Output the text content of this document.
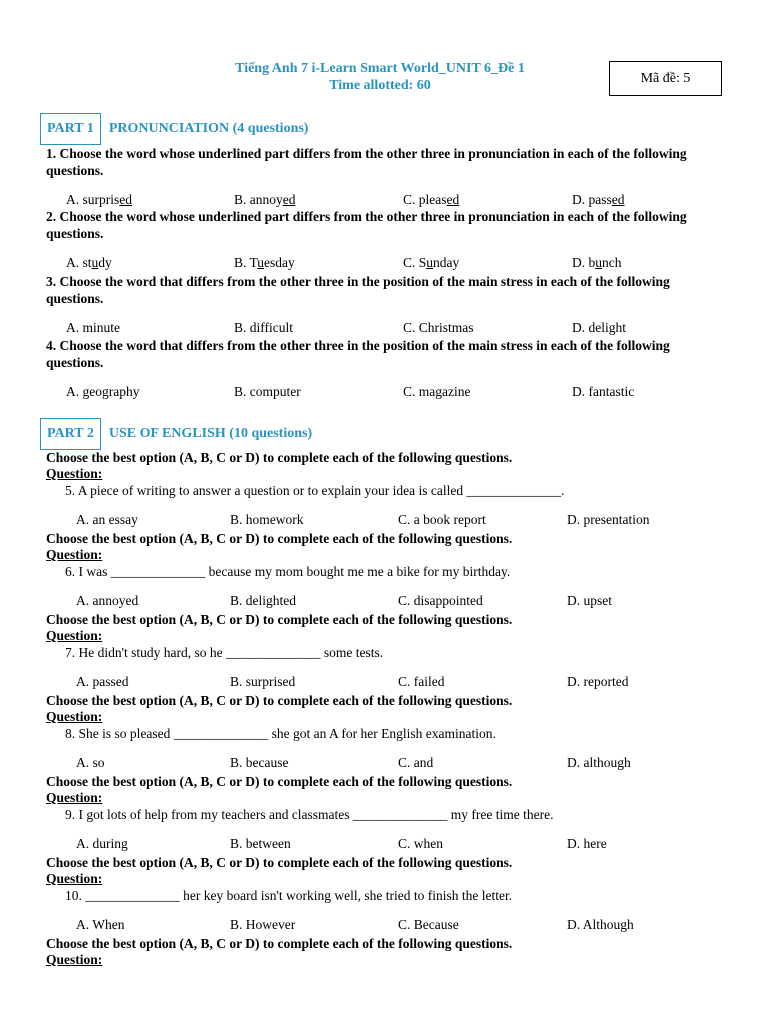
Tiếng Anh 7 i-Learn Smart World_UNIT 6_Đề 1
Time allotted: 60	Mã đề: 5
PART 1	PRONUNCIATION (4 questions)
1. Choose the word whose underlined part differs from the other three in pronunciation in each of the following questions.
A. surprised	B. annoyed	C. pleased	D. passed
2. Choose the word whose underlined part differs from the other three in pronunciation in each of the following questions.
A. study	B. Tuesday	C. Sunday	D. bunch
3. Choose the word that differs from the other three in the position of the main stress in each of the following questions.
A. minute	B. difficult	C. Christmas	D. delight
4. Choose the word that differs from the other three in the position of the main stress in each of the following questions.
A. geography	B. computer	C. magazine	D. fantastic
PART 2	USE OF ENGLISH (10 questions)
Choose the best option (A, B, C or D) to complete each of the following questions.
Question:
5. A piece of writing to answer a question or to explain your idea is called ______________.
A. an essay	B. homework	C. a book report	D. presentation
Choose the best option (A, B, C or D) to complete each of the following questions.
Question:
6. I was ______________ because my mom bought me me a bike for my birthday.
A. annoyed	B. delighted	C. disappointed	D. upset
Choose the best option (A, B, C or D) to complete each of the following questions.
Question:
7. He didn't study hard, so he ______________ some tests.
A. passed	B. surprised	C. failed	D. reported
Choose the best option (A, B, C or D) to complete each of the following questions.
Question:
8. She is so pleased ______________ she got an A for her English examination.
A. so	B. because	C. and	D. although
Choose the best option (A, B, C or D) to complete each of the following questions.
Question:
9. I got lots of help from my teachers and classmates ______________ my free time there.
A. during	B. between	C. when	D. here
Choose the best option (A, B, C or D) to complete each of the following questions.
Question:
10. ______________ her key board isn't working well, she tried to finish the letter.
A. When	B. However	C. Because	D. Although
Choose the best option (A, B, C or D) to complete each of the following questions.
Question:
